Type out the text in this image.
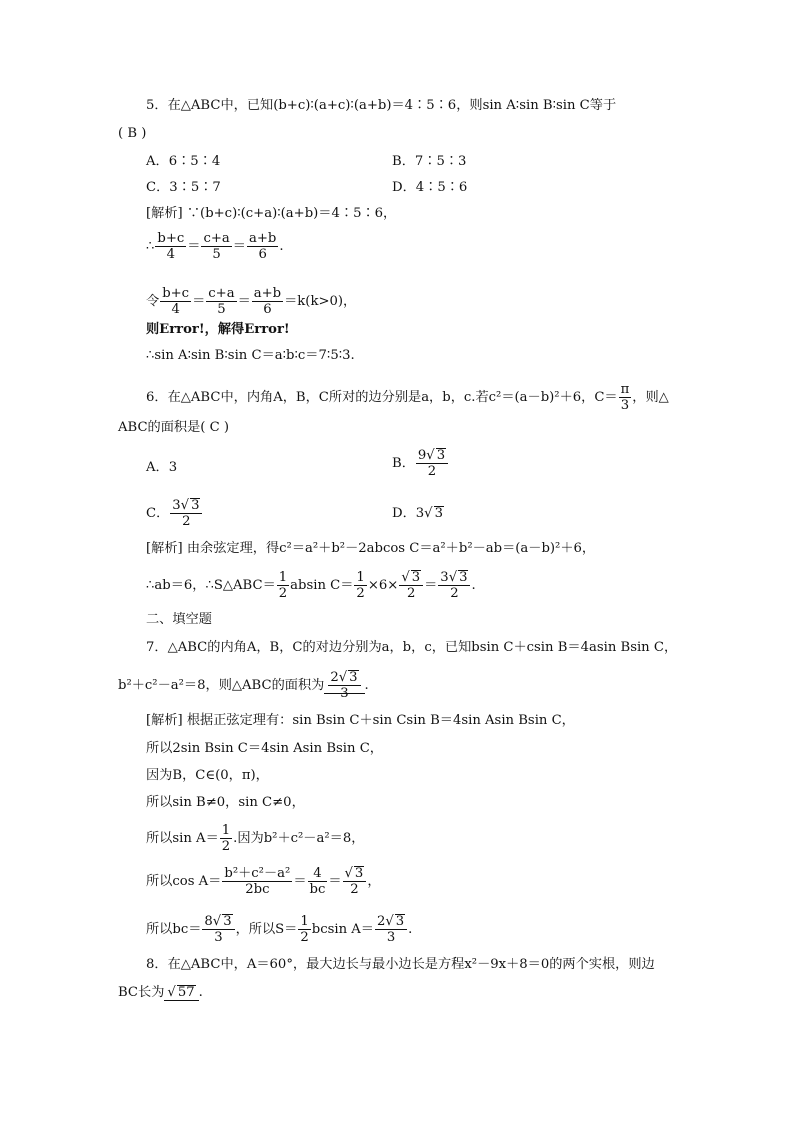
5．在△ABC中，已知(b+c)∶(a+c)∶(a+b)＝4∶5∶6，则sin A∶sin B∶sin C等于
( B )
A．6∶5∶4	B．7∶5∶3
C．3∶5∶7	D．4∶5∶6
[解析] ∵(b+c)∶(c+a)∶(a+b)＝4∶5∶6，
∴ $\frac{b+c}{4} = \frac{c+a}{5} = \frac{a+b}{6}$ .
令 $\frac{b+c}{4} = \frac{c+a}{5} = \frac{a+b}{6} =k(k>0)$，
则Error!，解得Error!
∴sin A∶sin B∶sin C＝a∶b∶c＝7∶5∶3.
6．在△ABC中，内角A，B，C所对的边分别是a，b，c.若c²＝(a－b)²＋6，$C= \frac{\pi}{3}$ ，则△
ABC的面积是( C )
A．3	B． $\frac{9√ 3}{2}$
C． $\frac{3√ 3}{2}$	D．3√ 3
[解析] 由余弦定理，得c²＝a²＋b²－2abcos C＝a²＋b²－ab＝(a－b)²＋6，
∴ab＝6，∴S△ABC＝ $\frac{1}{2}$ absin $C= \frac{1}{2} \times 6\times \frac{√ 3}{2} = \frac{3√ 3}{2}$ .
二、填空题
7．△ABC的内角A，B，C的对边分别为a，b，c，已知bsin C＋csin B＝4asin Bsin C，
b²＋c²－a²＝8，则△ABC的面积为 $\frac{2√ 3}{3}$ .
[解析] 根据正弦定理有：sin Bsin C＋sin Csin B＝4sin Asin Bsin C，
所以2sin Bsin C＝4sin Asin Bsin C，
因为B，C∈(0，π)，
所以sin B≠0，sin C≠0，
所以$\sin A= \frac{1}{2}$ .因为b²＋c²－a²＝8，
所以$\cos A= \frac{\text{b²＋c²－a²}}{2bc} = \frac{4}{bc} = \frac{√ 3}{2}$ ，
所以$bc= \frac{8√ 3}{3}$ ，所以$S= \frac{1}{2}$ bcsin $A= \frac{2√ 3}{3}$ .
8．在△ABC中，A＝60°，最大边长与最小边长是方程x²－9x＋8＝0的两个实根，则边
BC长为 √ 57 .
